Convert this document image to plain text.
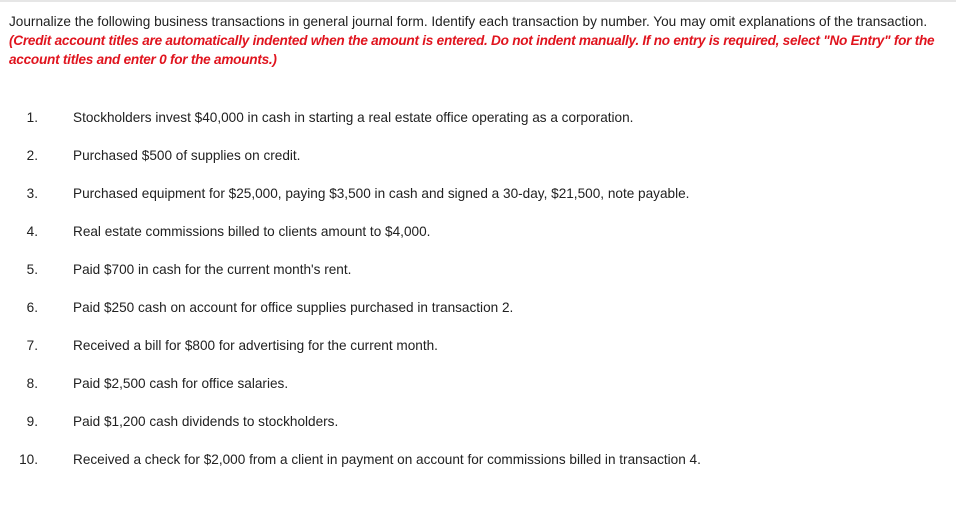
Journalize the following business transactions in general journal form. Identify each transaction by number. You may omit explanations of the transaction. (Credit account titles are automatically indented when the amount is entered. Do not indent manually. If no entry is required, select "No Entry" for the account titles and enter 0 for the amounts.)
1.	Stockholders invest $40,000 in cash in starting a real estate office operating as a corporation.
2.	Purchased $500 of supplies on credit.
3.	Purchased equipment for $25,000, paying $3,500 in cash and signed a 30-day, $21,500, note payable.
4.	Real estate commissions billed to clients amount to $4,000.
5.	Paid $700 in cash for the current month's rent.
6.	Paid $250 cash on account for office supplies purchased in transaction 2.
7.	Received a bill for $800 for advertising for the current month.
8.	Paid $2,500 cash for office salaries.
9.	Paid $1,200 cash dividends to stockholders.
10.	Received a check for $2,000 from a client in payment on account for commissions billed in transaction 4.
